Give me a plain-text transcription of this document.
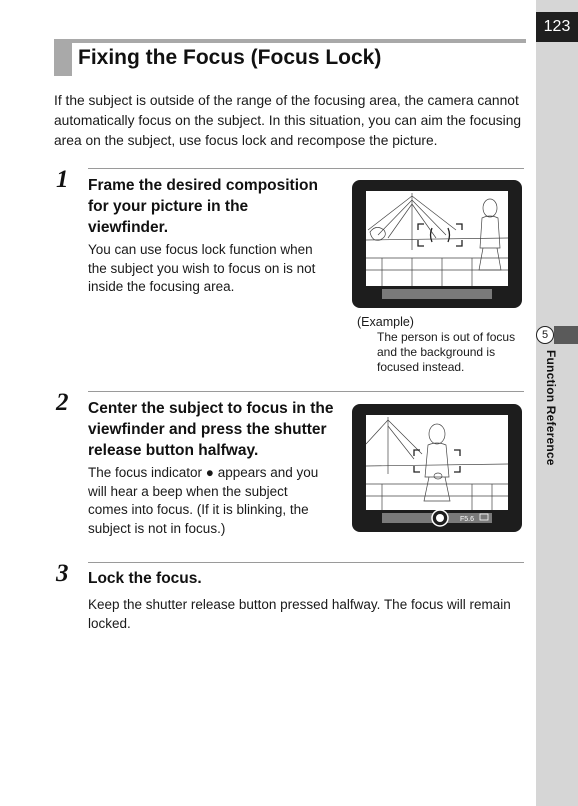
123
5
Function Reference
Fixing the Focus (Focus Lock)
If the subject is outside of the range of the focusing area, the camera cannot automatically focus on the subject. In this situation, you can aim the focusing area on the subject, use focus lock and recompose the picture.
1 Frame the desired composition for your picture in the viewfinder.
You can use focus lock function when the subject you wish to focus on is not inside the focusing area.
(Example)
The person is out of focus and the background is focused instead.
2 Center the subject to focus in the viewfinder and press the shutter release button halfway.
The focus indicator ● appears and you will hear a beep when the subject comes into focus. (If it is blinking, the subject is not in focus.)
F5.6
3 Lock the focus.
Keep the shutter release button pressed halfway. The focus will remain locked.
